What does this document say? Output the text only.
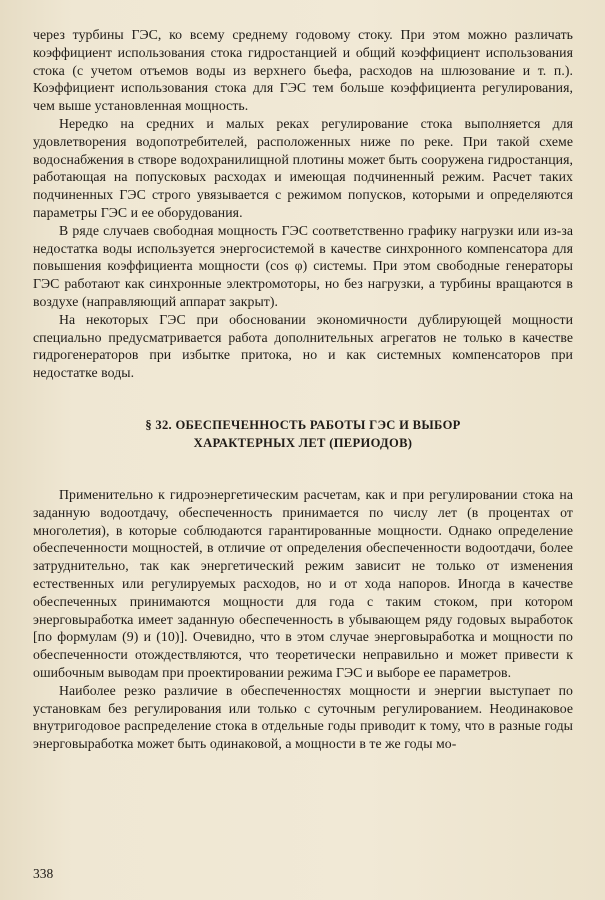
через турбины ГЭС, ко всему среднему годовому стоку. При этом можно различать коэффициент использования стока гидростанцией и общий коэффициент использования стока (с учетом отъемов воды из верхнего бьефа, расходов на шлюзование и т. п.). Коэффициент использования стока для ГЭС тем больше коэффициента регулирования, чем выше установленная мощность.

Нередко на средних и малых реках регулирование стока выполняется для удовлетворения водопотребителей, расположенных ниже по реке. При такой схеме водоснабжения в створе водохранилищной плотины может быть сооружена гидростанция, работающая на попусковых расходах и имеющая подчиненный режим. Расчет таких подчиненных ГЭС строго увязывается с режимом попусков, которыми и определяются параметры ГЭС и ее оборудования.

В ряде случаев свободная мощность ГЭС соответственно графику нагрузки или из-за недостатка воды используется энергосистемой в качестве синхронного компенсатора для повышения коэффициента мощности (cos φ) системы. При этом свободные генераторы ГЭС работают как синхронные электромоторы, но без нагрузки, а турбины вращаются в воздухе (направляющий аппарат закрыт).

На некоторых ГЭС при обосновании экономичности дублирующей мощности специально предусматривается работа дополнительных агрегатов не только в качестве гидрогенераторов при избытке притока, но и как системных компенсаторов при недостатке воды.

§ 32. ОБЕСПЕЧЕННОСТЬ РАБОТЫ ГЭС И ВЫБОР

ХАРАКТЕРНЫХ ЛЕТ (ПЕРИОДОВ)

Применительно к гидроэнергетическим расчетам, как и при регулировании стока на заданную водоотдачу, обеспеченность принимается по числу лет (в процентах от многолетия), в которые соблюдаются гарантированные мощности. Однако определение обеспеченности мощностей, в отличие от определения обеспеченности водоотдачи, более затруднительно, так как энергетический режим зависит не только от изменения естественных или регулируемых расходов, но и от хода напоров. Иногда в качестве обеспеченных принимаются мощности для года с таким стоком, при котором энерговыработка имеет заданную обеспеченность в убывающем ряду годовых выработок [по формулам (9) и (10)]. Очевидно, что в этом случае энерговыработка и мощности по обеспеченности отождествляются, что теоретически неправильно и может привести к ошибочным выводам при проектировании режима ГЭС и выборе ее параметров.

Наиболее резко различие в обеспеченностях мощности и энергии выступает по установкам без регулирования или только с суточным регулированием. Неодинаковое внутригодовое распределение стока в отдельные годы приводит к тому, что в разные годы энерговыработка может быть одинаковой, а мощности в те же годы мо-

338
